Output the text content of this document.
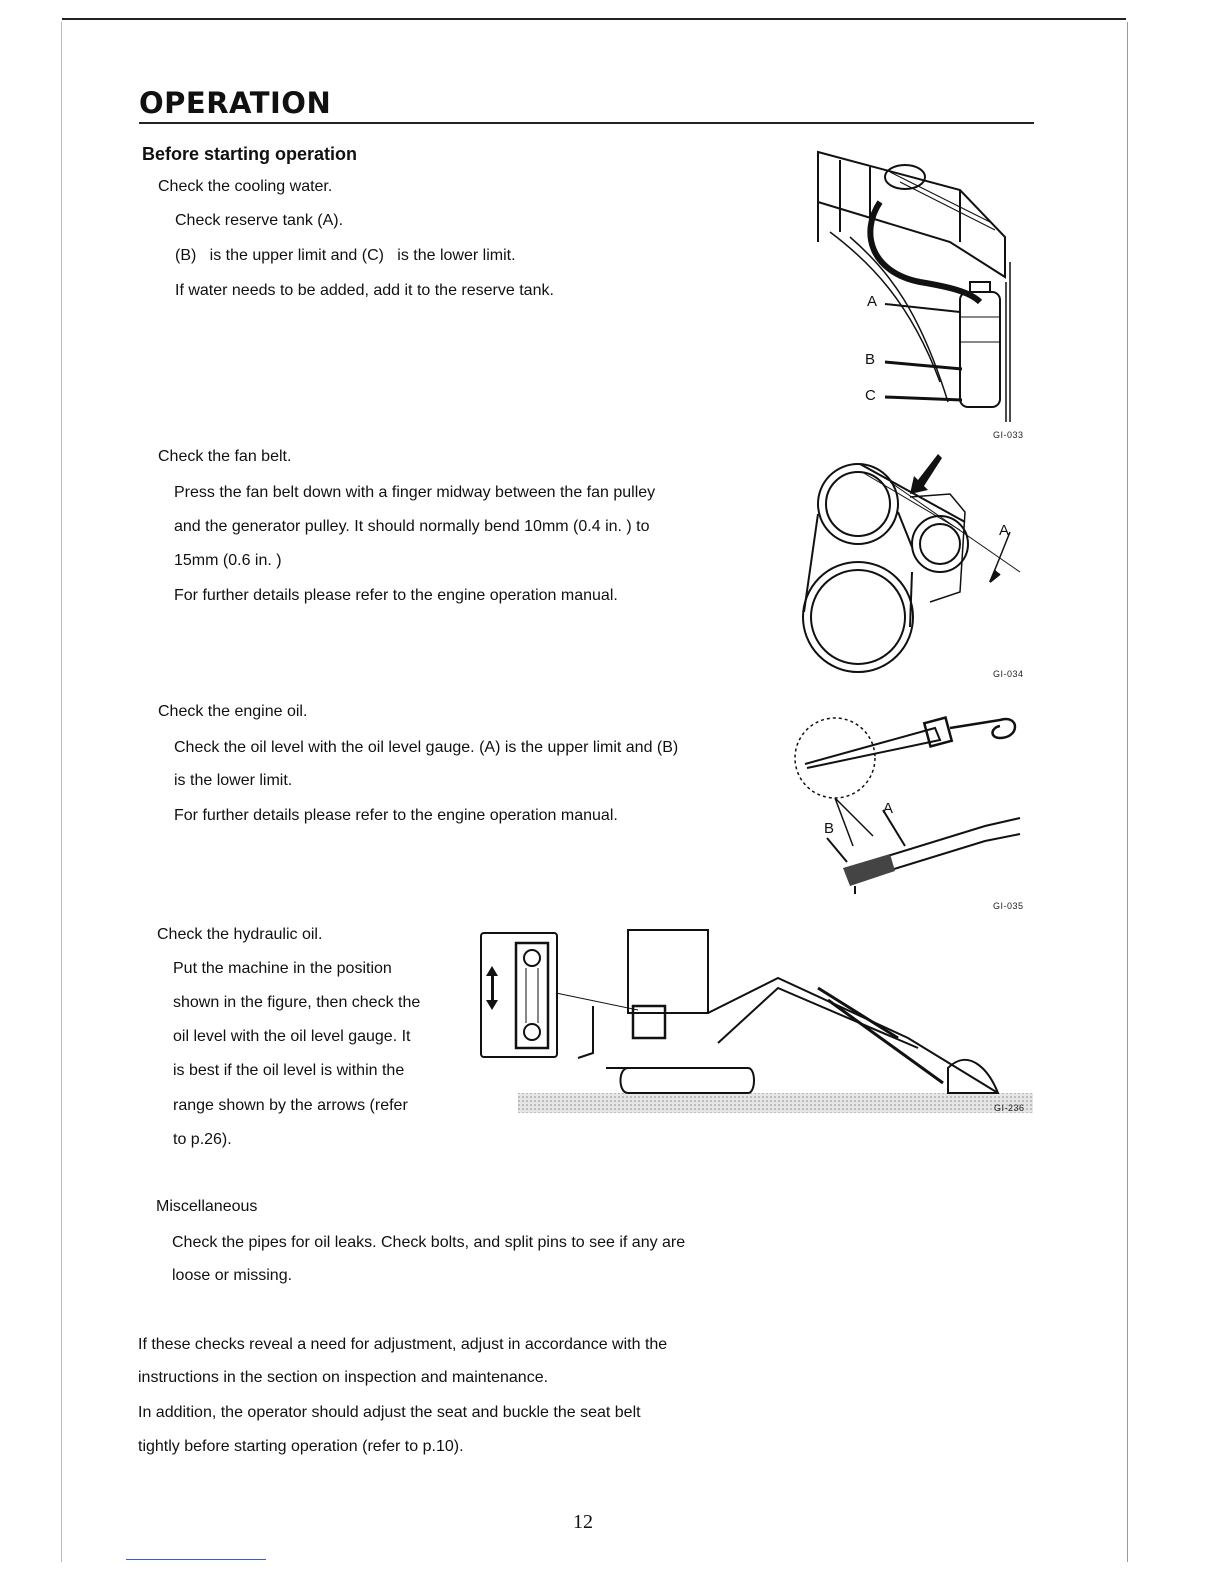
OPERATION
Before starting operation
Check the cooling water.
Check reserve tank (A).
(B)   is the upper limit and (C)   is the lower limit.
If water needs to be added, add it to the reserve tank.
A
B
C
GI-033
Check the fan belt.
Press the fan belt down with a finger midway between the fan pulley
and the generator pulley. It should normally bend 10mm (0.4 in. ) to
15mm (0.6 in. )
For further details please refer to the engine operation manual.
A
GI-034
Check the engine oil.
Check the oil level with the oil level gauge. (A) is the upper limit and (B)
is the lower limit.
For further details please refer to the engine operation manual.	A
B
GI-035
Check the hydraulic oil.
Put the machine in the position
shown in the figure, then check the
oil level with the oil level gauge. It
is best if the oil level is within the
range shown by the arrows (refer
to p.26).
GI-236
Miscellaneous
Check the pipes for oil leaks. Check bolts, and split pins to see if any are
loose or missing.
If these checks reveal a need for adjustment, adjust in accordance with the
instructions in the section on inspection and maintenance.
In addition, the operator should adjust the seat and buckle the seat belt
tightly before starting operation (refer to p.10).
12
